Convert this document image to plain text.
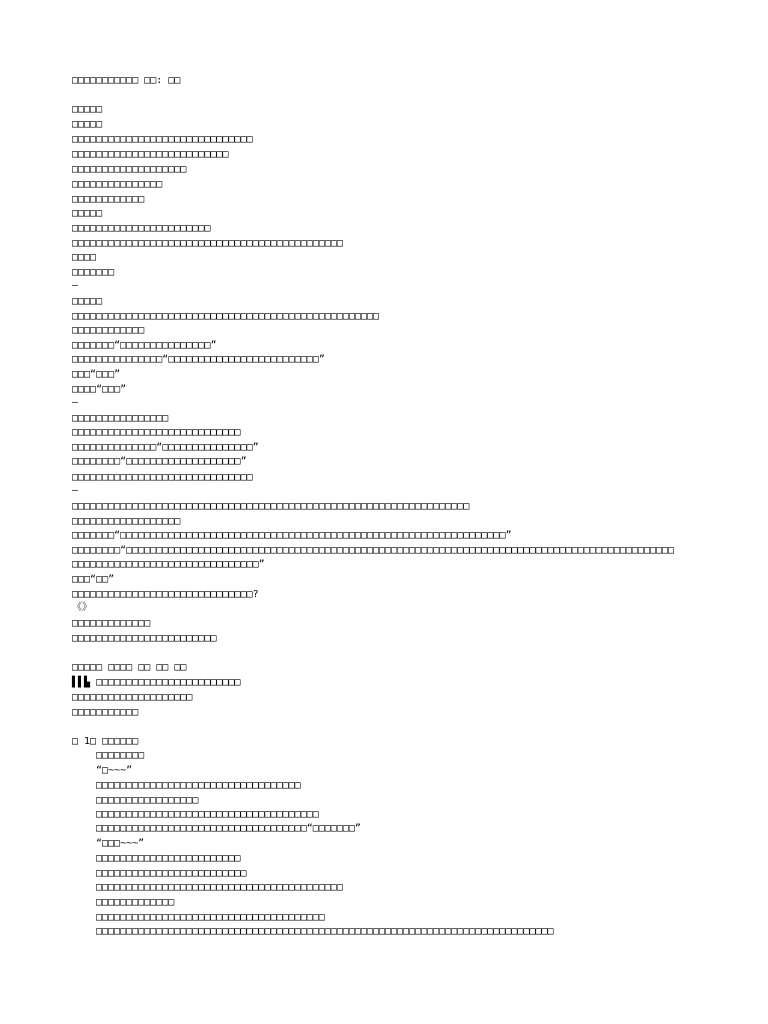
□□□□□□□□□□□ □□: □□
□□□□□
□□□□□
□□□□□□□□□□□□□□□□□□□□□□□□□□□□□□
□□□□□□□□□□□□□□□□□□□□□□□□□□
□□□□□□□□□□□□□□□□□□□
□□□□□□□□□□□□□□□
□□□□□□□□□□□□
□□□□□
□□□□□□□□□□□□□□□□□□□□□□□
□□□□□□□□□□□□□□□□□□□□□□□□□□□□□□□□□□□□□□□□□□□□□
□□□□
□□□□□□□
—
□□□□□
□□□□□□□□□□□□□□□□□□□□□□□□□□□□□□□□□□□□□□□□□□□□□□□□□□□
□□□□□□□□□□□□
□□□□□□□“□□□□□□□□□□□□□□□”
□□□□□□□□□□□□□□□“□□□□□□□□□□□□□□□□□□□□□□□□□”
□□□“□□□”
□□□□“□□□”
—
□□□□□□□□□□□□□□□□
□□□□□□□□□□□□□□□□□□□□□□□□□□□□
□□□□□□□□□□□□□□“□□□□□□□□□□□□□□□”
□□□□□□□□“□□□□□□□□□□□□□□□□□□□”
□□□□□□□□□□□□□□□□□□□□□□□□□□□□□□
—
□□□□□□□□□□□□□□□□□□□□□□□□□□□□□□□□□□□□□□□□□□□□□□□□□□□□□□□□□□□□□□□□□□
□□□□□□□□□□□□□□□□□□
□□□□□□□“□□□□□□□□□□□□□□□□□□□□□□□□□□□□□□□□□□□□□□□□□□□□□□□□□□□□□□□□□□□□□□□□”
□□□□□□□□“□□□□□□□□□□□□□□□□□□□□□□□□□□□□□□□□□□□□□□□□□□□□□□□□□□□□□□□□□□□□□□□□□□□□□□□□□□□□□□□□□□□□□□□□□□□
□□□□□□□□□□□□□□□□□□□□□□□□□□□□□□□”
□□□“□□”
□□□□□□□□□□□□□□□□□□□□□□□□□□□□□□?
《》
□□□□□□□□□□□□□
□□□□□□□□□□□□□□□□□□□□□□□□
□□□□□ □□□□ □□ □□ □□
▌▌▙ □□□□□□□□□□□□□□□□□□□□□□□□
□□□□□□□□□□□□□□□□□□□□
□□□□□□□□□□□
□ 1□ □□□□□□
□□□□□□□□
“□~~~”
□□□□□□□□□□□□□□□□□□□□□□□□□□□□□□□□□□
□□□□□□□□□□□□□□□□□
□□□□□□□□□□□□□□□□□□□□□□□□□□□□□□□□□□□□□
□□□□□□□□□□□□□□□□□□□□□□□□□□□□□□□□□□□“□□□□□□□”
“□□□~~~”
□□□□□□□□□□□□□□□□□□□□□□□□
□□□□□□□□□□□□□□□□□□□□□□□□□
□□□□□□□□□□□□□□□□□□□□□□□□□□□□□□□□□□□□□□□□□
□□□□□□□□□□□□□
□□□□□□□□□□□□□□□□□□□□□□□□□□□□□□□□□□□□□□
□□□□□□□□□□□□□□□□□□□□□□□□□□□□□□□□□□□□□□□□□□□□□□□□□□□□□□□□□□□□□□□□□□□□□□□□□□□□
